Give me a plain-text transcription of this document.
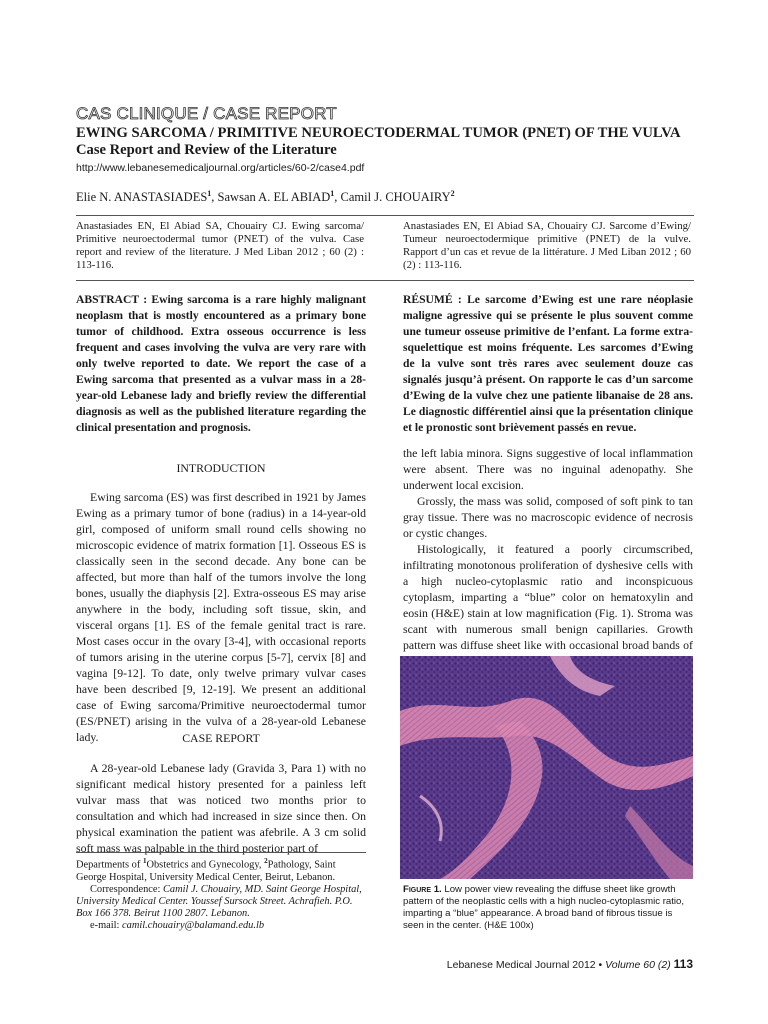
CAS CLINIQUE / CASE REPORT
EWING SARCOMA / PRIMITIVE NEUROECTODERMAL TUMOR (PNET) OF THE VULVA
Case Report and Review of the Literature
http://www.lebanesemedicaljournal.org/articles/60-2/case4.pdf
Elie N. ANASTASIADES$^1$, Sawsan A. EL ABIAD$^1$, Camil J. CHOUAIRY$^2$
Anastasiades EN, El Abiad SA, Chouairy CJ. Ewing sarcoma/ Primitive neuroectodermal tumor (PNET) of the vulva. Case report and review of the literature. J Med Liban 2012 ; 60 (2) : 113-116.
Anastasiades EN, El Abiad SA, Chouairy CJ. Sarcome d’Ewing/ Tumeur neuroectodermique primitive (PNET) de la vulve. Rapport d’un cas et revue de la littérature. J Med Liban 2012 ; 60 (2) : 113-116.
ABSTRACT : Ewing sarcoma is a rare highly malignant neoplasm that is mostly encountered as a primary bone tumor of childhood. Extra osseous occurrence is less frequent and cases involving the vulva are very rare with only twelve reported to date. We report the case of a Ewing sarcoma that presented as a vulvar mass in a 28-year-old Lebanese lady and briefly review the differential diagnosis as well as the published literature regarding the clinical presentation and prognosis.
RÉSUMÉ : Le sarcome d’Ewing est une rare néoplasie maligne agressive qui se présente le plus souvent comme une tumeur osseuse primitive de l’enfant. La forme extra-squelettique est moins fréquente. Les sarcomes d’Ewing de la vulve sont très rares avec seulement douze cas signalés jusqu’à présent. On rapporte le cas d’un sarcome d’Ewing de la vulve chez une patiente libanaise de 28 ans. Le diagnostic différentiel ainsi que la présentation clinique et le pronostic sont brièvement passés en revue.
INTRODUCTION

Ewing sarcoma (ES) was first described in 1921 by James Ewing as a primary tumor of bone (radius) in a 14-year-old girl, composed of uniform small round cells showing no microscopic evidence of matrix formation [1]. Osseous ES is classically seen in the second decade. Any bone can be affected, but more than half of the tumors involve the long bones, usually the diaphysis [2]. Extra-osseous ES may arise anywhere in the body, including soft tissue, skin, and visceral organs [1]. ES of the female genital tract is rare. Most cases occur in the ovary [3-4], with occasional reports of tumors arising in the uterine corpus [5-7], cervix [8] and vagina [9-12]. To date, only twelve primary vulvar cases have been described [9, 12-19]. We present an additional case of Ewing sarcoma/Primitive neuroectodermal tumor (ES/PNET) arising in the vulva of a 28-year-old Lebanese lady.	CASE REPORT

A 28-year-old Lebanese lady (Gravida 3, Para 1) with no significant medical history presented for a painless left vulvar mass that was noticed two months prior to consultation and which had increased in size since then. On physical examination the patient was afebrile. A 3 cm solid soft mass was palpable in the third posterior part of

the left labia minora. Signs suggestive of local inflammation were absent. There was no inguinal adenopathy. She underwent local excision.

Grossly, the mass was solid, composed of soft pink to tan gray tissue. There was no macroscopic evidence of necrosis or cystic changes.

Histologically, it featured a poorly circumscribed, infiltrating monotonous proliferation of dyshesive cells with a high nucleo-cytoplasmic ratio and inconspicuous cytoplasm, imparting a “blue” color on hematoxylin and eosin (H&E) stain at low magnification (Fig. 1). Stroma was scant with numerous small benign capillaries. Growth pattern was diffuse sheet like with occasional broad bands of

Figure 1. Low power view revealing the diffuse sheet like growth pattern of the neoplastic cells with a high nucleo-cytoplasmic ratio, imparting a “blue” appearance. A broad band of fibrous tissue is seen in the center. (H&E 100x)
Departments of $^1$Obstetrics and Gynecology, $^2$Pathology, Saint George Hospital, University Medical Center, Beirut, Lebanon.
Correspondence: Camil J. Chouairy, MD. Saint George Hospital, University Medical Center. Youssef Sursock Street. Achrafieh. P.O. Box 166 378. Beirut 1100 2807. Lebanon.
e-mail: camil.chouairy@balamand.edu.lb
Lebanese Medical Journal 2012 • Volume 60 (2) 113
